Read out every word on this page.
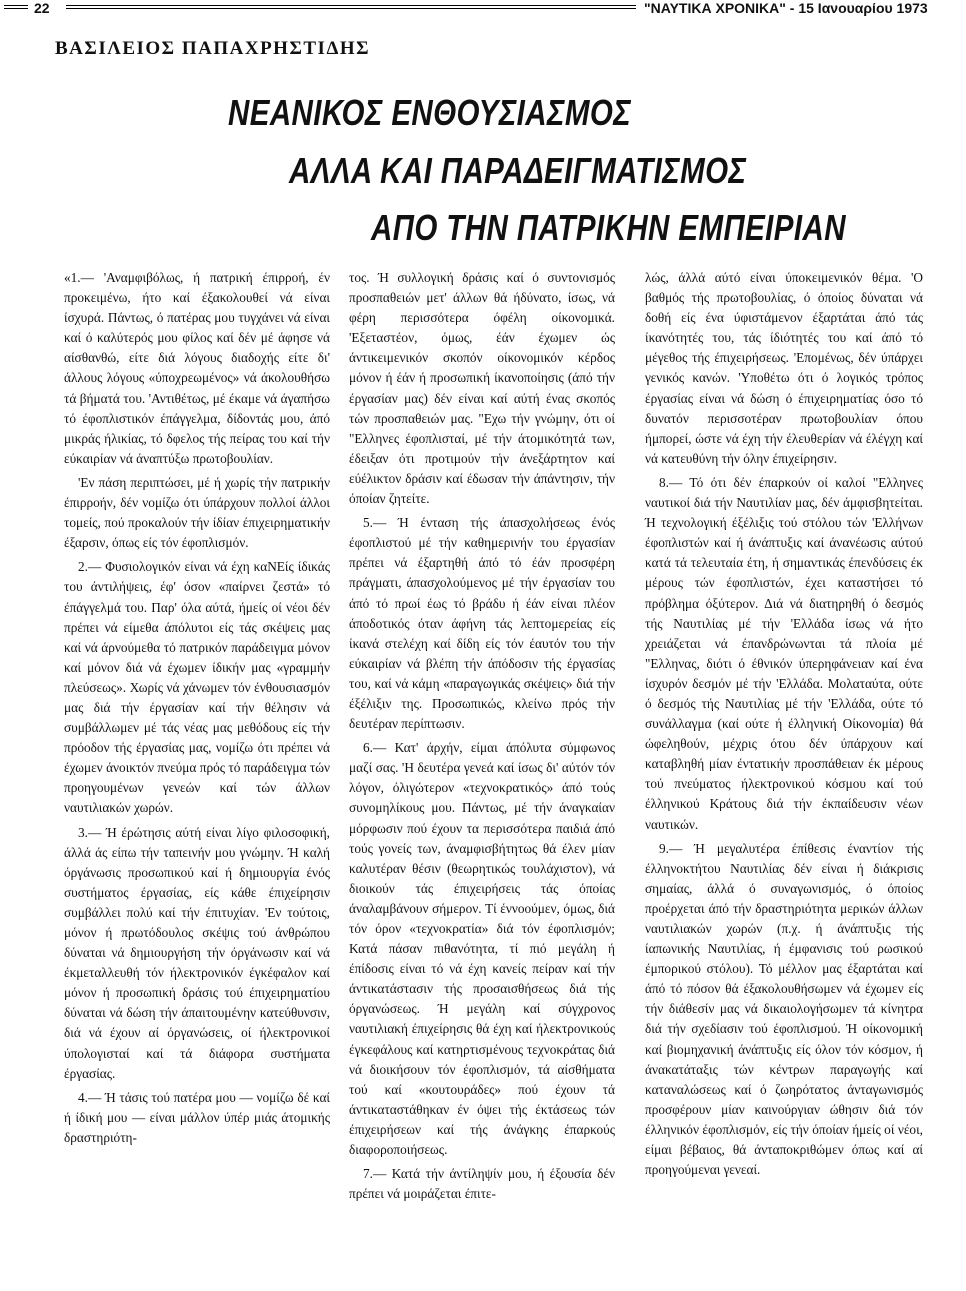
22	"ΝΑΥΤΙΚΑ ΧΡΟΝΙΚΑ" - 15 Ιανουαρίου 1973
ΒΑΣΙΛΕΙΟΣ ΠΑΠΑΧΡΗΣΤΙΔΗΣ
ΝΕΑΝΙΚΟΣ ΕΝΘΟΥΣΙΑΣΜΟΣ
ΑΛΛΑ ΚΑΙ ΠΑΡΑΔΕΙΓΜΑΤΙΣΜΟΣ
ΑΠΟ ΤΗΝ ΠΑΤΡΙΚΗΝ ΕΜΠΕΙΡΙΑΝ

«1.— 'Αναμφιβόλως, ή πατρική έπιρροή, έν προκειμένω, ήτο καί έξακολουθεί νά είναι ίσχυρά. Πάντως, ό πατέρας μου τυγχάνει νά είναι καί ό καλύτερός μου φίλος καί δέν μέ άφησε νά αίσθανθώ, είτε διά λόγους διαδοχής είτε δι' άλλους λόγους «ύποχρεωμένος» νά άκολουθήσω τά βήματά του. 'Αντιθέτως, μέ έκαμε νά άγαπήσω τό έφοπλιστικόν έπάγγελμα, δίδοντάς μου, άπό μικράς ήλικίας, τό δφελος τής πείρας του καί τήν εύκαιρίαν νά άναπτύξω πρωτοβουλίαν.

'Εν πάση περιπτώσει, μέ ή χωρίς τήν πατρικήν έπιρροήν, δέν νομίζω ότι ύπάρχουν πολλοί άλλοι τομείς, πού προκαλούν τήν ίδίαν έπιχειρηματικήν έξαρσιν, όπως είς τόν έφοπλισμόν.

2.— Φυσιολογικόν είναι νά έχη καNEίς ίδικάς του άντιλήψεις, έφ' όσον «παίρνει ζεστά» τό έπάγγελμά του. Παρ' όλα αύτά, ήμείς οί νέοι δέν πρέπει νά είμεθα άπόλυτοι είς τάς σκέψεις μας καί νά άρνούμεθα τό πατρικόν παράδειγμα μόνον καί μόνον διά νά έχωμεν ίδικήν μας «γραμμήν πλεύσεως». Χωρίς νά χάνωμεν τόν ένθουσιασμόν μας διά τήν έργασίαν καί τήν θέλησιν νά συμβάλλωμεν μέ τάς νέας μας μεθόδους είς τήν πρόοδον τής έργασίας μας, νομίζω ότι πρέπει νά έχωμεν άνοικτόν πνεύμα πρός τό παράδειγμα τών προηγουμένων γενεών καί τών άλλων ναυτιλιακών χωρών.

3.— Ή έρώτησις αύτή είναι λίγο φιλοσοφική, άλλά άς είπω τήν ταπεινήν μου γνώμην. Ή καλή όργάνωσις προσωπικού καί ή δημιουργία ένός συστήματος έργασίας, είς κάθε έπιχείρησιν συμβάλλει πολύ καί τήν έπιτυχίαν. 'Εν τούτοις, μόνον ή πρωτόδουλος σκέψις τού άνθρώπου δύναται νά δημιουργήση τήν όργάνωσιν καί νά έκμεταλλευθή τόν ήλεκτρονικόν έγκέφαλον καί μόνον ή προσωπική δράσις τού έπιχειρηματίου δύναται νά δώση τήν άπαιτουμένην κατεύθυνσιν, διά νά έχουν αί όργανώσεις, οί ήλεκτρονικοί ύπολογισταί καί τά διάφορα συστήματα έργασίας.

4.— Ή τάσις τού πατέρα μου — νομίζω δέ καί ή ίδική μου — είναι μάλλον ύπέρ μιάς άτομικής δραστηριότη-

τος. Ή συλλογική δράσις καί ό συντονισμός προσπαθειών μετ' άλλων θά ήδύνατο, ίσως, νά φέρη περισσότερα όφέλη οίκονομικά. 'Εξεταστέον, όμως, έάν έχωμεν ώς άντικειμενικόν σκοπόν οίκονομικόν κέρδος μόνον ή έάν ή προσωπική ίκανοποίησις (άπό τήν έργασίαν μας) δέν είναι καί αύτή ένας σκοπός τών προσπαθειών μας. "Εχω τήν γνώμην, ότι οί "Ελληνες έφοπλισταί, μέ τήν άτομικότητά των, έδειξαν ότι προτιμούν τήν άνεξάρτητον καί εύέλικτον δράσιν καί έδωσαν τήν άπάντησιν, τήν όποίαν ζητείτε.

5.— Ή ένταση τής άπασχολήσεως ένός έφοπλιστού μέ τήν καθημερινήν του έργασίαν πρέπει νά έξαρτηθή άπό τό έάν προσφέρη πράγματι, άπασχολούμενος μέ τήν έργασίαν του άπό τό πρωί έως τό βράδυ ή έάν είναι πλέον άποδοτικός όταν άφήνη τάς λεπτομερείας είς ίκανά στελέχη καί δίδη είς τόν έαυτόν του τήν εύκαιρίαν νά βλέπη τήν άπόδοσιν τής έργασίας του, καί νά κάμη «παραγωγικάς σκέψεις» διά τήν έξέλιξιν της. Προσωπικώς, κλείνω πρός τήν δευτέραν περίπτωσιν.

6.— Κατ' άρχήν, είμαι άπόλυτα σύμφωνος μαζί σας. 'Η δευτέρα γενεά καί ίσως δι' αύτόν τόν λόγον, όλιγώτερον «τεχνοκρατικός» άπό τούς συνομηλίκους μου. Πάντως, μέ τήν άναγκαίαν μόρφωσιν πού έχουν τα περισσότερα παιδιά άπό τούς γονείς των, άναμφισβήτητως θά έλεν μίαν καλυτέραν θέσιν (θεωρητικώς τουλάχιστον), νά διοικούν τάς έπιχειρήσεις τάς όποίας άναλαμβάνουν σήμερον. Τί έννοούμεν, όμως, διά τόν όρον «τεχνοκρατία» διά τόν έφοπλισμόν; Κατά πάσαν πιθανότητα, τί πιό μεγάλη ή έπίδοσις είναι τό νά έχη κανείς πείραν καί τήν άντικατάστασιν τής προσαισθήσεως διά τής όργανώσεως. Ή μεγάλη καί σύγχρονος ναυτιλιακή έπιχείρησις θά έχη καί ήλεκτρονικούς έγκεφάλους καί κατηρτισμένους τεχνοκράτας διά νά διοικήσουν τόν έφοπλισμόν, τά αίσθήματα τού καί «κουτουράδες» πού έχουν τά άντικαταστάθηκαν έν όψει τής έκτάσεως τών έπιχειρήσεων καί τής άνάγκης έπαρκούς διαφοροποιήσεως.

7.— Κατά τήν άντίληψίν μου, ή έξουσία δέν πρέπει νά μοιράζεται έπιτε-

λώς, άλλά αύτό είναι ύποκειμενικόν θέμα. 'Ο βαθμός τής πρωτοβουλίας, ό όποίος δύναται νά δοθή είς ένα ύφιστάμενον έξαρτάται άπό τάς ίκανότητές του, τάς ίδιότητές του καί άπό τό μέγεθος τής έπιχειρήσεως. 'Επομένως, δέν ύπάρχει γενικός κανών. 'Υποθέτω ότι ό λογικός τρόπος έργασίας είναι νά δώση ό έπιχειρηματίας όσο τό δυνατόν περισσοτέραν πρωτοβουλίαν όπου ήμπορεί, ώστε νά έχη τήν έλευθερίαν νά έλέγχη καί νά κατευθύνη τήν όλην έπιχείρησιν.

8.— Τό ότι δέν έπαρκούν οί καλοί "Ελληνες ναυτικοί διά τήν Ναυτιλίαν μας, δέν άμφισβητείται. Ή τεχνολογική έξέλιξις τού στόλου τών 'Ελλήνων έφοπλιστών καί ή άνάπτυξις καί άνανέωσις αύτού κατά τά τελευταία έτη, ή σημαντικάς έπενδύσεις έκ μέρους τών έφοπλιστών, έχει καταστήσει τό πρόβλημα όξύτερον. Διά νά διατηρηθή ό δεσμός τής Ναυτιλίας μέ τήν 'Ελλάδα ίσως νά ήτο χρειάζεται νά έπανδρώνωνται τά πλοία μέ "Ελληνας, διότι ό έθνικόν ύπερηφάνειαν καί ένα ίσχυρόν δεσμόν μέ τήν 'Ελλάδα. Μολαταύτα, ούτε ό δεσμός τής Ναυτιλίας μέ τήν 'Ελλάδα, ούτε τό συνάλλαγμα (καί ούτε ή έλληνική Οίκονομία) θά ώφεληθούν, μέχρις ότου δέν ύπάρχουν καί καταβληθή μίαν έντατικήν προσπάθειαν έκ μέρους τού πνεύματος ήλεκτρονικού κόσμου καί τού έλληνικού Κράτους διά τήν έκπαίδευσιν νέων ναυτικών.

9.— Ή μεγαλυτέρα έπίθεσις έναντίον τής έλληνοκτήτου Ναυτιλίας δέν είναι ή διάκρισις σημαίας, άλλά ό συναγωνισμός, ό όποίος προέρχεται άπό τήν δραστηριότητα μερικών άλλων ναυτιλιακών χωρών (π.χ. ή άνάπτυξις τής ίαπωνικής Ναυτιλίας, ή έμφανισις τού ρωσικού έμπορικού στόλου). Τό μέλλον μας έξαρτάται καί άπό τό πόσον θά έξακολουθήσωμεν νά έχωμεν είς τήν διάθεσίν μας νά δικαιολογήσωμεν τά κίνητρα διά τήν σχεδίασιν τού έφοπλισμού. Ή οίκονομική καί βιομηχανική άνάπτυξις είς όλον τόν κόσμον, ή άνακατάταξις τών κέντρων παραγωγής καί καταναλώσεως καί ό ζωηρότατος άνταγωνισμός προσφέρουν μίαν καινούργιαν ώθησιν διά τόν έλληνικόν έφοπλισμόν, είς τήν όποίαν ήμείς οί νέοι, είμαι βέβαιος, θά άνταποκριθώμεν όπως καί αί προηγούμεναι γενεαί.
